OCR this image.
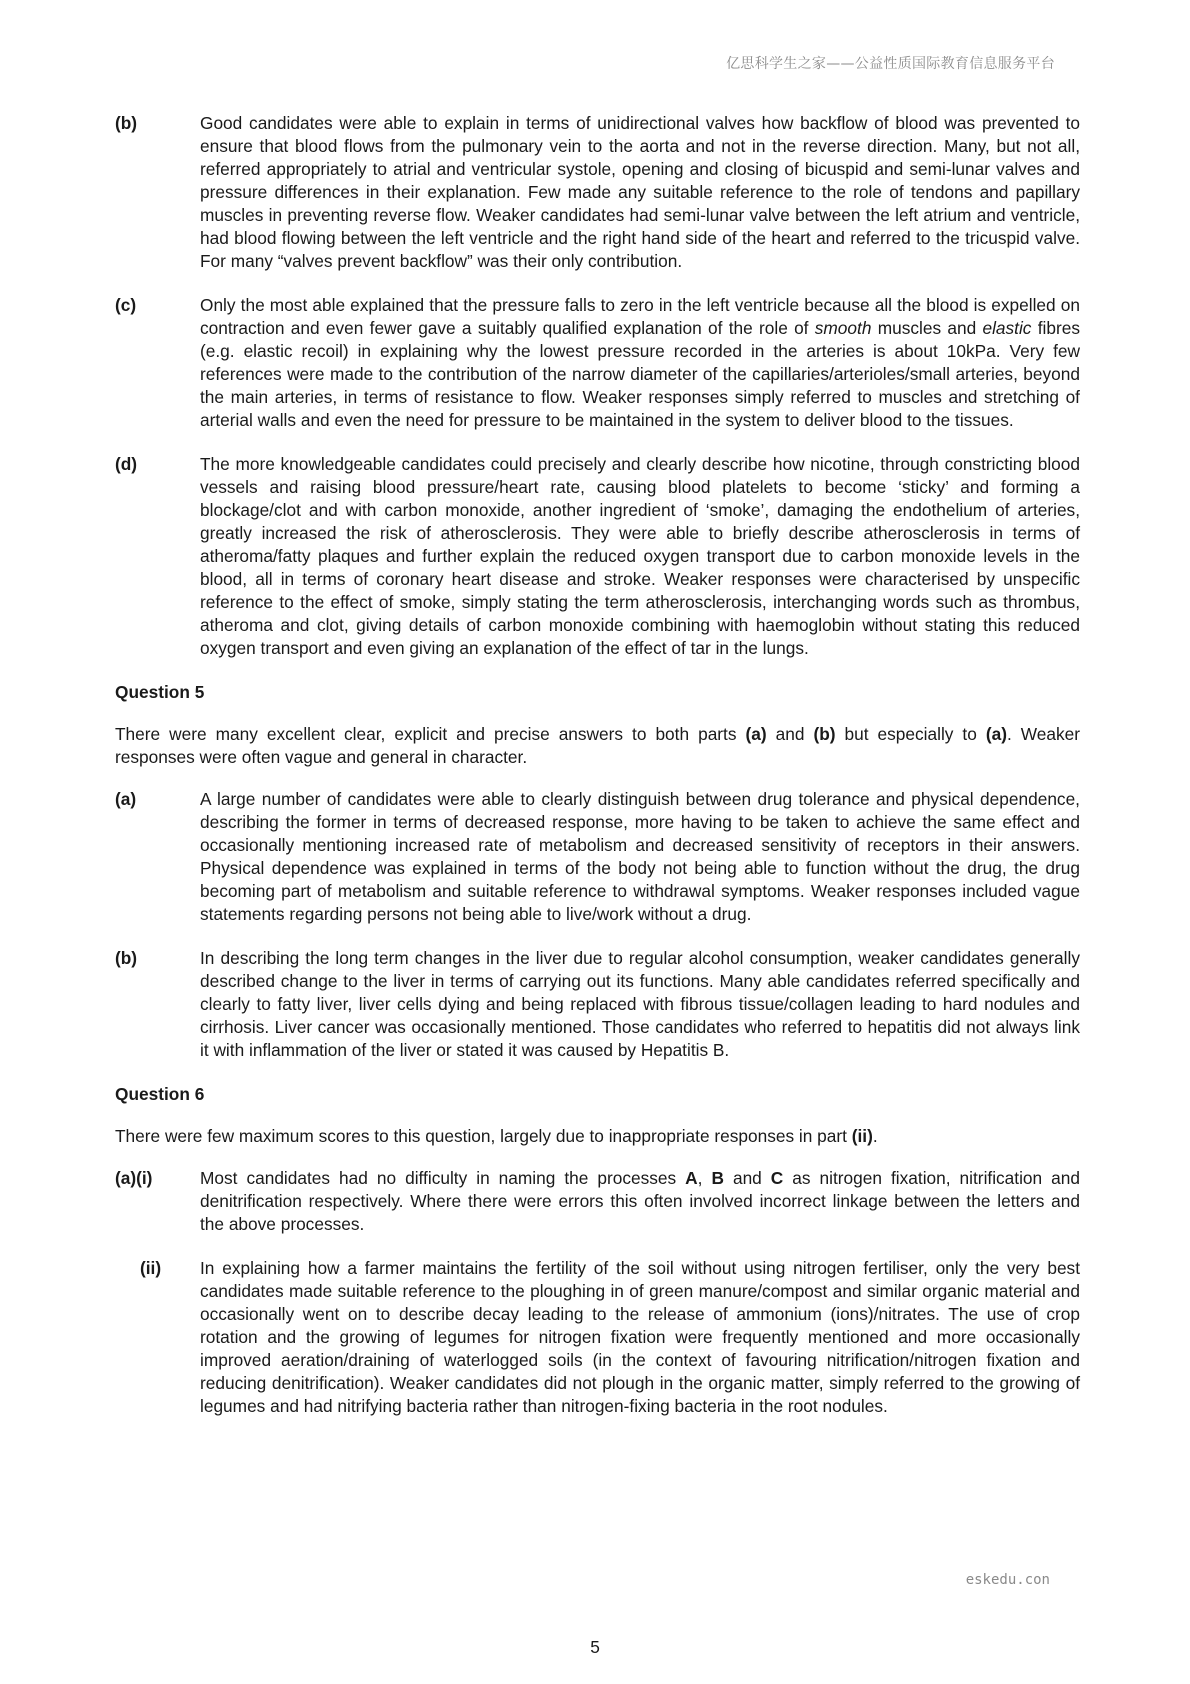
亿思科学生之家——公益性质国际教育信息服务平台
(b)	Good candidates were able to explain in terms of unidirectional valves how backflow of blood was prevented to ensure that blood flows from the pulmonary vein to the aorta and not in the reverse direction. Many, but not all, referred appropriately to atrial and ventricular systole, opening and closing of bicuspid and semi-lunar valves and pressure differences in their explanation. Few made any suitable reference to the role of tendons and papillary muscles in preventing reverse flow. Weaker candidates had semi-lunar valve between the left atrium and ventricle, had blood flowing between the left ventricle and the right hand side of the heart and referred to the tricuspid valve. For many “valves prevent backflow” was their only contribution.
(c)	Only the most able explained that the pressure falls to zero in the left ventricle because all the blood is expelled on contraction and even fewer gave a suitably qualified explanation of the role of smooth muscles and elastic fibres (e.g. elastic recoil) in explaining why the lowest pressure recorded in the arteries is about 10kPa. Very few references were made to the contribution of the narrow diameter of the capillaries/arterioles/small arteries, beyond the main arteries, in terms of resistance to flow. Weaker responses simply referred to muscles and stretching of arterial walls and even the need for pressure to be maintained in the system to deliver blood to the tissues.
(d)	The more knowledgeable candidates could precisely and clearly describe how nicotine, through constricting blood vessels and raising blood pressure/heart rate, causing blood platelets to become ‘sticky’ and forming a blockage/clot and with carbon monoxide, another ingredient of ‘smoke’, damaging the endothelium of arteries, greatly increased the risk of atherosclerosis. They were able to briefly describe atherosclerosis in terms of atheroma/fatty plaques and further explain the reduced oxygen transport due to carbon monoxide levels in the blood, all in terms of coronary heart disease and stroke. Weaker responses were characterised by unspecific reference to the effect of smoke, simply stating the term atherosclerosis, interchanging words such as thrombus, atheroma and clot, giving details of carbon monoxide combining with haemoglobin without stating this reduced oxygen transport and even giving an explanation of the effect of tar in the lungs.
Question 5
There were many excellent clear, explicit and precise answers to both parts (a) and (b) but especially to (a). Weaker responses were often vague and general in character.
(a)	A large number of candidates were able to clearly distinguish between drug tolerance and physical dependence, describing the former in terms of decreased response, more having to be taken to achieve the same effect and occasionally mentioning increased rate of metabolism and decreased sensitivity of receptors in their answers. Physical dependence was explained in terms of the body not being able to function without the drug, the drug becoming part of metabolism and suitable reference to withdrawal symptoms. Weaker responses included vague statements regarding persons not being able to live/work without a drug.
(b)	In describing the long term changes in the liver due to regular alcohol consumption, weaker candidates generally described change to the liver in terms of carrying out its functions. Many able candidates referred specifically and clearly to fatty liver, liver cells dying and being replaced with fibrous tissue/collagen leading to hard nodules and cirrhosis. Liver cancer was occasionally mentioned. Those candidates who referred to hepatitis did not always link it with inflammation of the liver or stated it was caused by Hepatitis B.
Question 6
There were few maximum scores to this question, largely due to inappropriate responses in part (ii).
(a)(i)	Most candidates had no difficulty in naming the processes A, B and C as nitrogen fixation, nitrification and denitrification respectively. Where there were errors this often involved incorrect linkage between the letters and the above processes.
(ii)	In explaining how a farmer maintains the fertility of the soil without using nitrogen fertiliser, only the very best candidates made suitable reference to the ploughing in of green manure/compost and similar organic material and occasionally went on to describe decay leading to the release of ammonium (ions)/nitrates. The use of crop rotation and the growing of legumes for nitrogen fixation were frequently mentioned and more occasionally improved aeration/draining of waterlogged soils (in the context of favouring nitrification/nitrogen fixation and reducing denitrification). Weaker candidates did not plough in the organic matter, simply referred to the growing of legumes and had nitrifying bacteria rather than nitrogen-fixing bacteria in the root nodules.
eskedu.con
5
